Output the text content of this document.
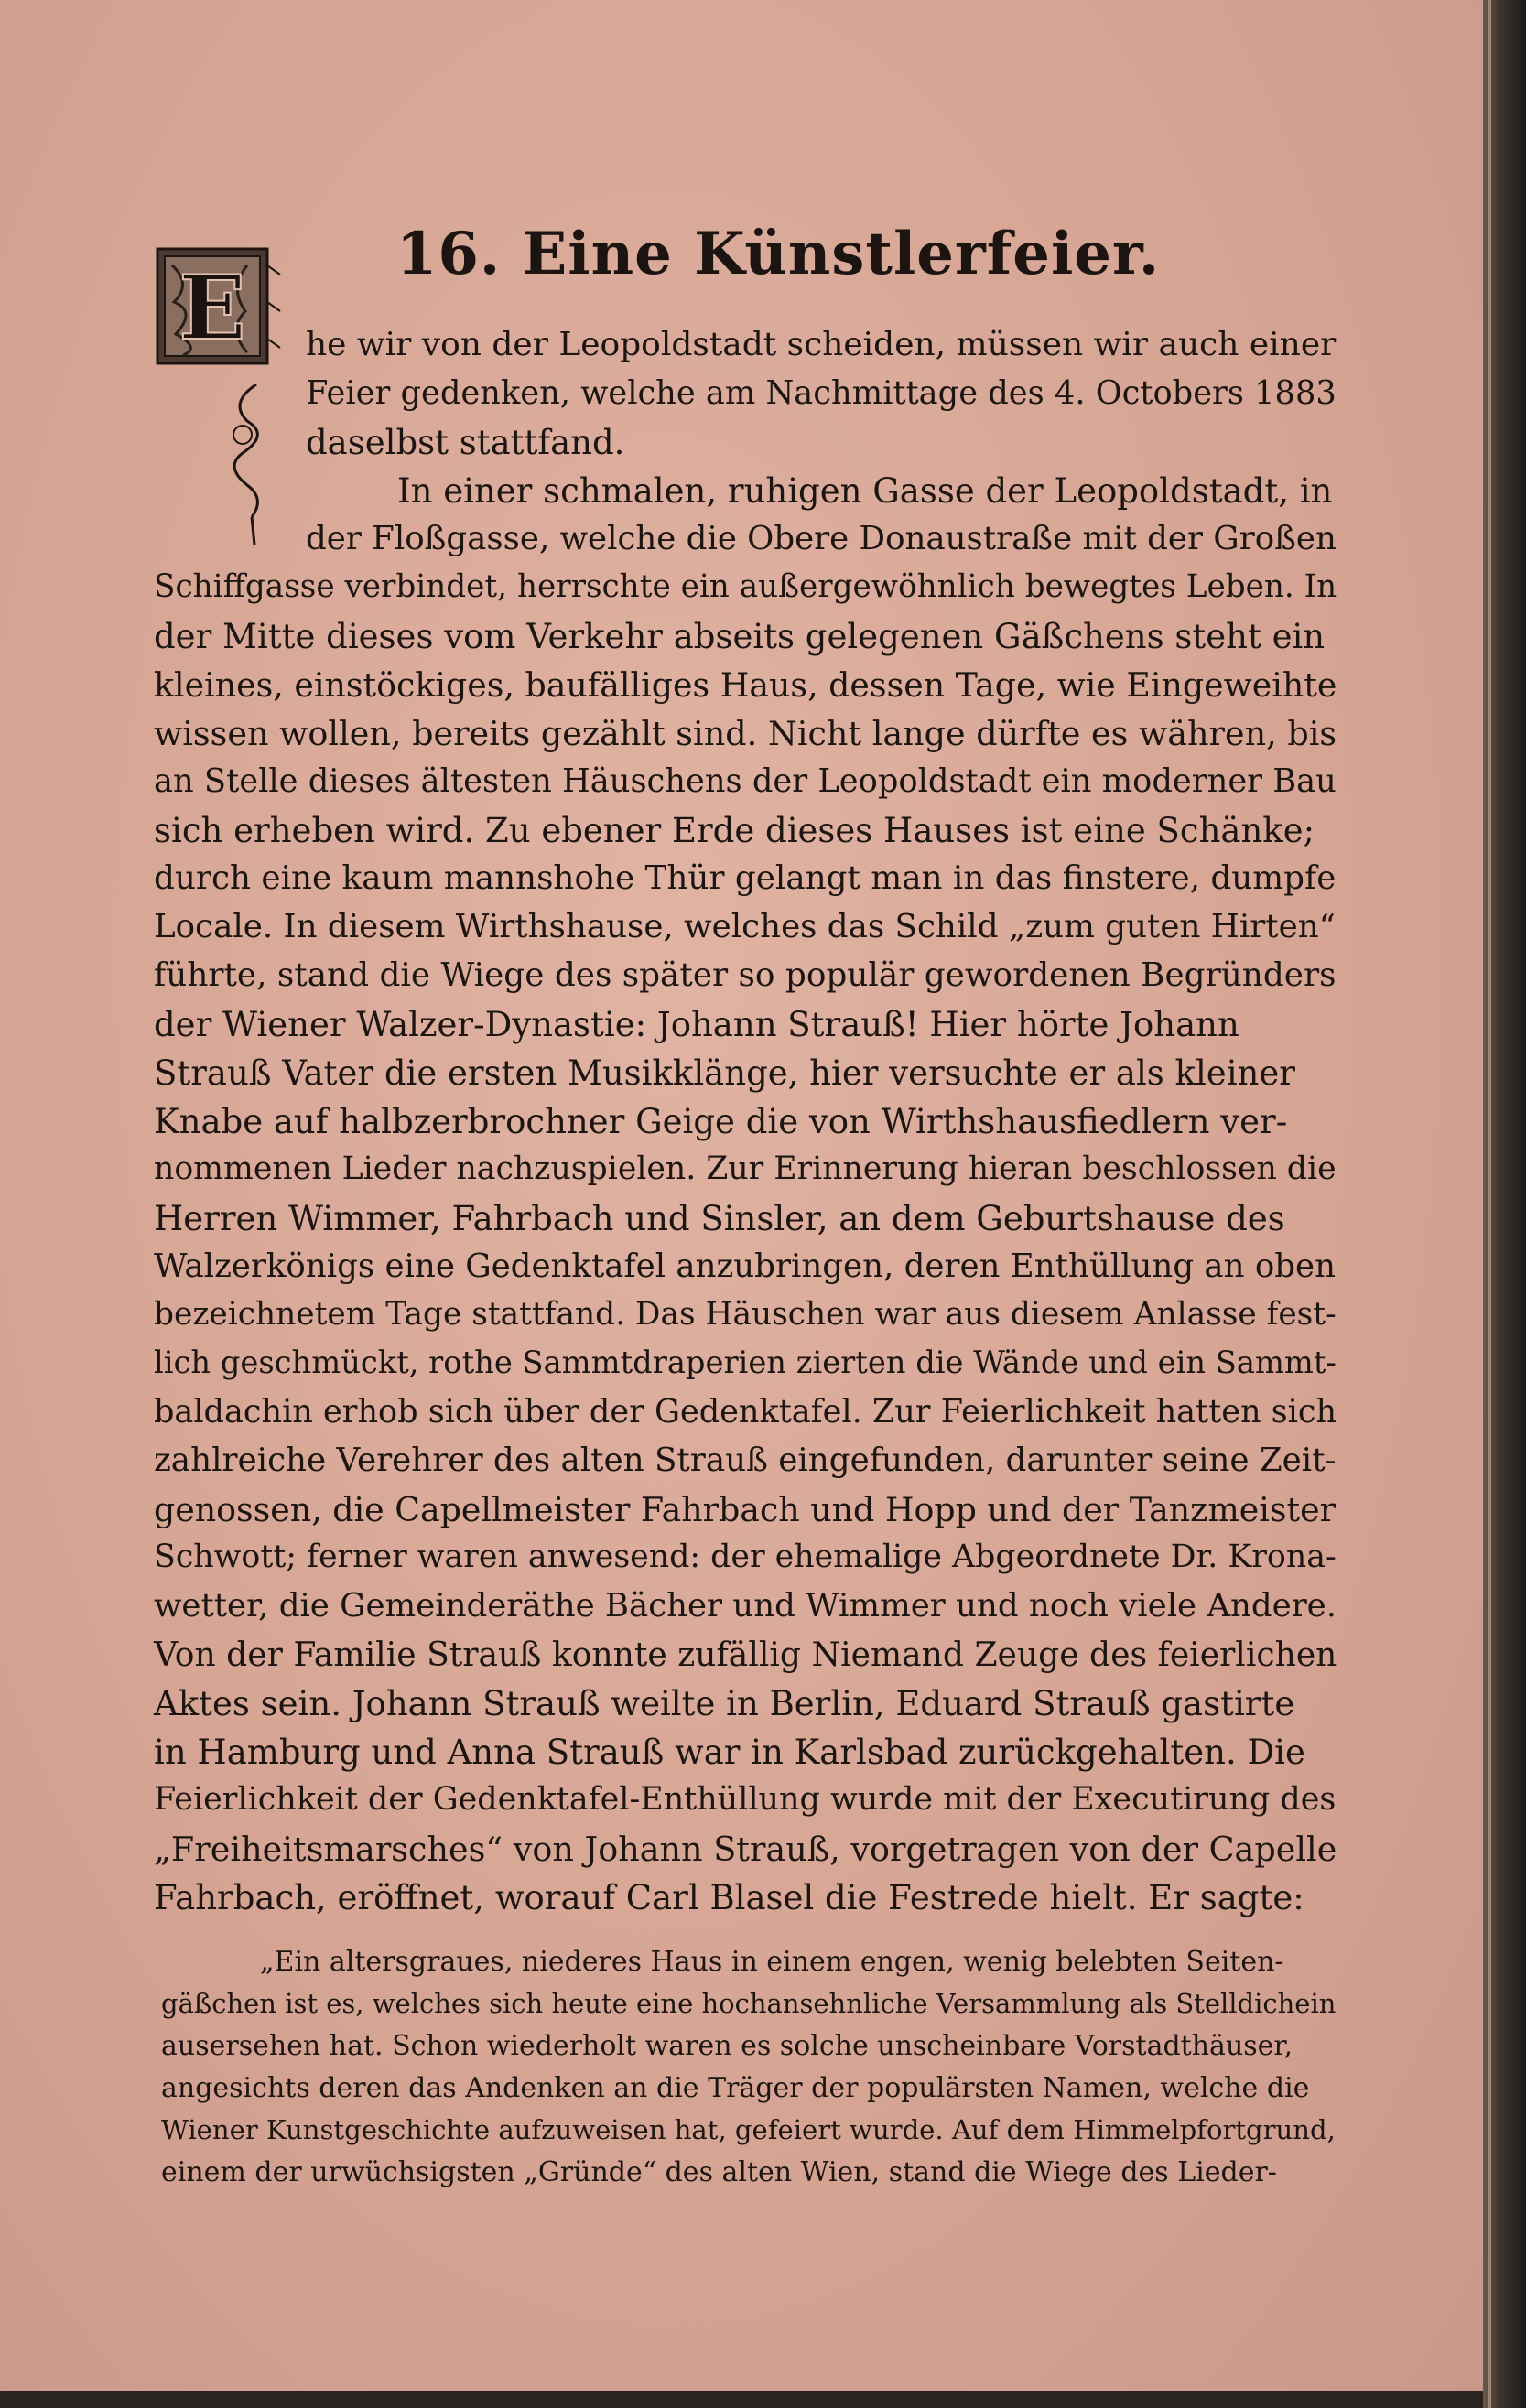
16. Eine Künstlerfeier.
E he wir von der Leopoldstadt scheiden, müssen wir auch einer

Feier gedenken, welche am Nachmittage des 4. Octobers 1883

daselbst stattfand.

In einer schmalen, ruhigen Gasse der Leopoldstadt, in

der Floßgasse, welche die Obere Donaustraße mit der Großen

Schiffgasse verbindet, herrschte ein außergewöhnlich bewegtes Leben. In

der Mitte dieses vom Verkehr abseits gelegenen Gäßchens steht ein

kleines, einstöckiges, baufälliges Haus, dessen Tage, wie Eingeweihte

wissen wollen, bereits gezählt sind. Nicht lange dürfte es währen, bis

an Stelle dieses ältesten Häuschens der Leopoldstadt ein moderner Bau

sich erheben wird. Zu ebener Erde dieses Hauses ist eine Schänke;

durch eine kaum mannshohe Thür gelangt man in das finstere, dumpfe

Locale. In diesem Wirthshause, welches das Schild „zum guten Hirten“

führte, stand die Wiege des später so populär gewordenen Begründers

der Wiener Walzer-Dynastie: Johann Strauß! Hier hörte Johann

Strauß Vater die ersten Musikklänge, hier versuchte er als kleiner

Knabe auf halbzerbrochner Geige die von Wirthshausfiedlern ver-

nommenen Lieder nachzuspielen. Zur Erinnerung hieran beschlossen die

Herren Wimmer, Fahrbach und Sinsler, an dem Geburtshause des

Walzerkönigs eine Gedenktafel anzubringen, deren Enthüllung an oben

bezeichnetem Tage stattfand. Das Häuschen war aus diesem Anlasse fest-

lich geschmückt, rothe Sammtdraperien zierten die Wände und ein Sammt-

baldachin erhob sich über der Gedenktafel. Zur Feierlichkeit hatten sich

zahlreiche Verehrer des alten Strauß eingefunden, darunter seine Zeit-

genossen, die Capellmeister Fahrbach und Hopp und der Tanzmeister

Schwott; ferner waren anwesend: der ehemalige Abgeordnete Dr. Krona-

wetter, die Gemeinderäthe Bächer und Wimmer und noch viele Andere.

Von der Familie Strauß konnte zufällig Niemand Zeuge des feierlichen

Aktes sein. Johann Strauß weilte in Berlin, Eduard Strauß gastirte

in Hamburg und Anna Strauß war in Karlsbad zurückgehalten. Die

Feierlichkeit der Gedenktafel-Enthüllung wurde mit der Executirung des

„Freiheitsmarsches“ von Johann Strauß, vorgetragen von der Capelle

Fahrbach, eröffnet, worauf Carl Blasel die Festrede hielt. Er sagte:

„Ein altersgraues, niederes Haus in einem engen, wenig belebten Seiten-

gäßchen ist es, welches sich heute eine hochansehnliche Versammlung als Stelldichein

ausersehen hat. Schon wiederholt waren es solche unscheinbare Vorstadthäuser,

angesichts deren das Andenken an die Träger der populärsten Namen, welche die

Wiener Kunstgeschichte aufzuweisen hat, gefeiert wurde. Auf dem Himmelpfortgrund,

einem der urwüchsigsten „Gründe“ des alten Wien, stand die Wiege des Lieder-
